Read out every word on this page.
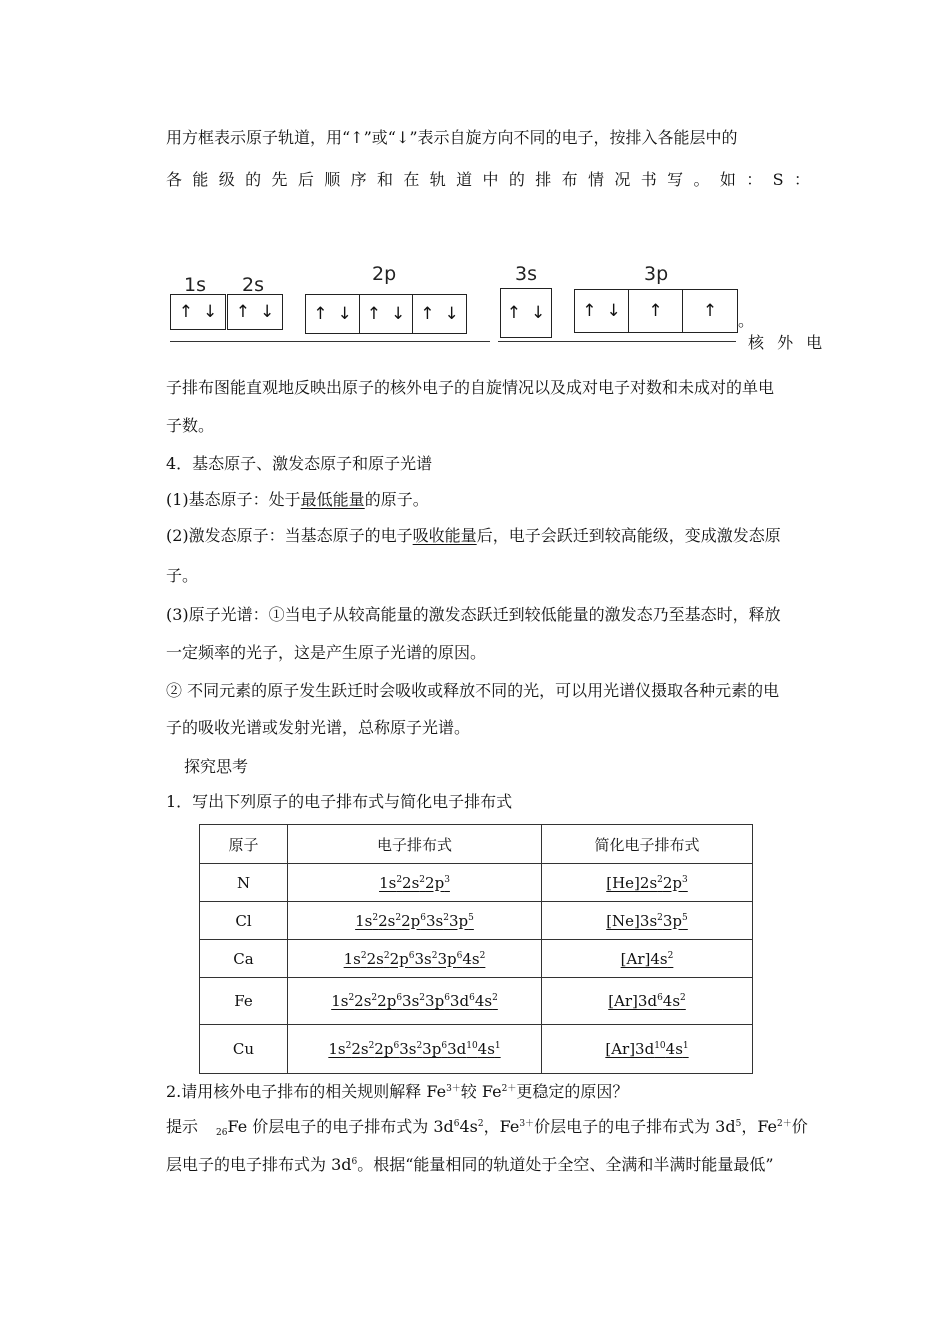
用方框表示原子轨道，用“↑”或“↓”表示自旋方向不同的电子，按排入各能层中的
各 能 级 的 先 后 顺 序 和 在 轨 道 中 的 排 布 情 况 书 写 。 如 ： S ：
1s 2s	2p	3s	3p
↑ ↓ ↑ ↓ ↑ ↓ ↑ ↓ ↑ ↓	↑ ↓ ↑ ↓ ↑ ↑ 。
核 外 电
子排布图能直观地反映出原子的核外电子的自旋情况以及成对电子对数和未成对的单电
子数。
4．基态原子、激发态原子和原子光谱
(1)基态原子：处于最低能量的原子。
(2)激发态原子：当基态原子的电子吸收能量后，电子会跃迁到较高能级，变成激发态原
子。
(3)原子光谱：①当电子从较高能量的激发态跃迁到较低能量的激发态乃至基态时，释放
一定频率的光子，这是产生原子光谱的原因。
② 不同元素的原子发生跃迁时会吸收或释放不同的光，可以用光谱仪摄取各种元素的电
子的吸收光谱或发射光谱，总称原子光谱。
探究思考
1．写出下列原子的电子排布式与简化电子排布式
原子	电子排布式	简化电子排布式
N	$1s^22s^22p^3$	$[He]2s^22p^3$
Cl	$1s^22s^22p^63s^23p^5$	$[Ne]3s^23p^5$
Ca	$1s^22s^22p^63s^23p^64s^2$	$[Ar]4s^2$
Fe	$1s^22s^22p^63s^23p^63d^64s^2$	$[Ar]3d^64s^2$
Cu	$1s^22s^22p^63s^23p^63d^{10}4s^1$	$[Ar]3d^{10}4s^1$
2.请用核外电子排布的相关规则解释 $Fe^{3+}$较 $Fe^{2+}$更稳定的原因？
提示 $_{26}$Fe 价层电子的电子排布式为 $3d^64s^2$，$Fe^{3+}$价层电子的电子排布式为 $3d^5$，$Fe^{2+}$价
层电子的电子排布式为 $3d^6$。根据“能量相同的轨道处于全空、全满和半满时能量最低”
